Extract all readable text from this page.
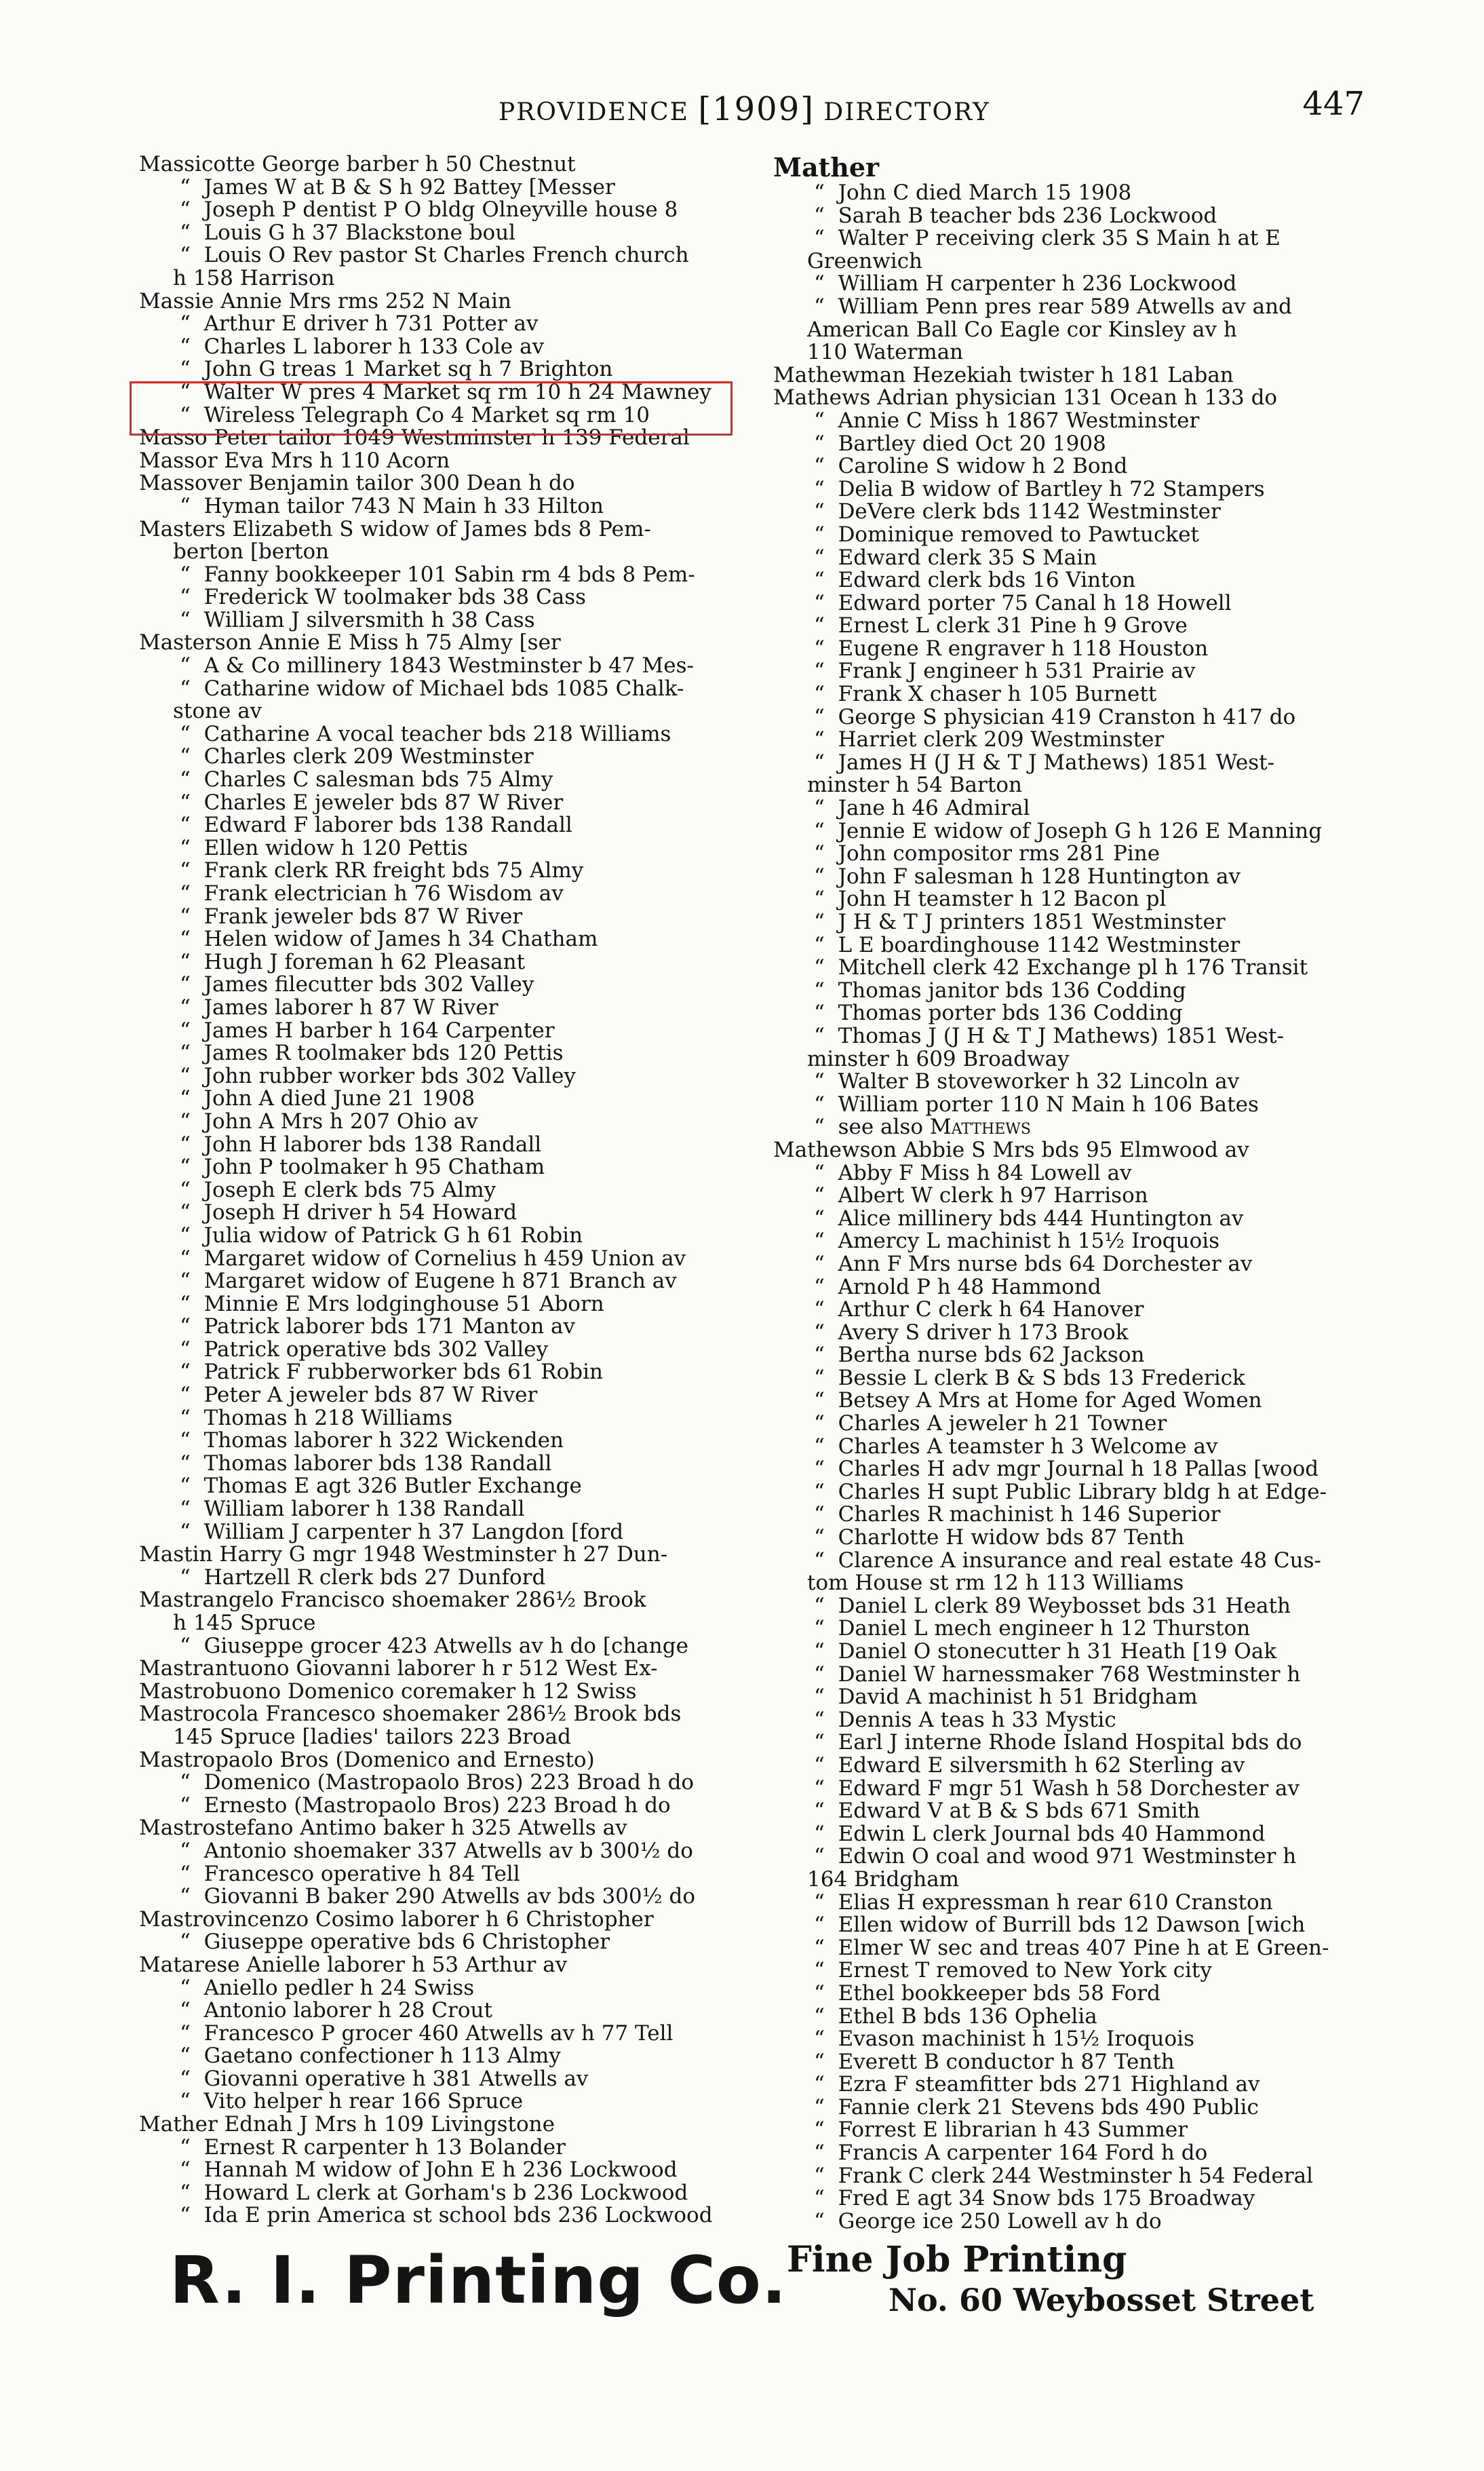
PROVIDENCE [1909] DIRECTORY	447
Massicotte George barber h 50 Chestnut
“  James W at B & S h 92 Battey [Messer
“  Joseph P dentist P O bldg Olneyville house 8
“  Louis G h 37 Blackstone boul
“  Louis O Rev pastor St Charles French church
h 158 Harrison
Massie Annie Mrs rms 252 N Main
“  Arthur E driver h 731 Potter av
“  Charles L laborer h 133 Cole av
“  John G treas 1 Market sq h 7 Brighton
“  Walter W pres 4 Market sq rm 10 h 24 Mawney
“  Wireless Telegraph Co 4 Market sq rm 10
Masso Peter tailor 1049 Westminster h 139 Federal
Massor Eva Mrs h 110 Acorn
Massover Benjamin tailor 300 Dean h do
“  Hyman tailor 743 N Main h 33 Hilton
Masters Elizabeth S widow of James bds 8 Pem-
berton [berton
“  Fanny bookkeeper 101 Sabin rm 4 bds 8 Pem-
“  Frederick W toolmaker bds 38 Cass
“  William J silversmith h 38 Cass
Masterson Annie E Miss h 75 Almy [ser
“  A & Co millinery 1843 Westminster b 47 Mes-
“  Catharine widow of Michael bds 1085 Chalk-
stone av
“  Catharine A vocal teacher bds 218 Williams
“  Charles clerk 209 Westminster
“  Charles C salesman bds 75 Almy
“  Charles E jeweler bds 87 W River
“  Edward F laborer bds 138 Randall
“  Ellen widow h 120 Pettis
“  Frank clerk RR freight bds 75 Almy
“  Frank electrician h 76 Wisdom av
“  Frank jeweler bds 87 W River
“  Helen widow of James h 34 Chatham
“  Hugh J foreman h 62 Pleasant
“  James filecutter bds 302 Valley
“  James laborer h 87 W River
“  James H barber h 164 Carpenter
“  James R toolmaker bds 120 Pettis
“  John rubber worker bds 302 Valley
“  John A died June 21 1908
“  John A Mrs h 207 Ohio av
“  John H laborer bds 138 Randall
“  John P toolmaker h 95 Chatham
“  Joseph E clerk bds 75 Almy
“  Joseph H driver h 54 Howard
“  Julia widow of Patrick G h 61 Robin
“  Margaret widow of Cornelius h 459 Union av
“  Margaret widow of Eugene h 871 Branch av
“  Minnie E Mrs lodginghouse 51 Aborn
“  Patrick laborer bds 171 Manton av
“  Patrick operative bds 302 Valley
“  Patrick F rubberworker bds 61 Robin
“  Peter A jeweler bds 87 W River
“  Thomas h 218 Williams
“  Thomas laborer h 322 Wickenden
“  Thomas laborer bds 138 Randall
“  Thomas E agt 326 Butler Exchange
“  William laborer h 138 Randall
“  William J carpenter h 37 Langdon [ford
Mastin Harry G mgr 1948 Westminster h 27 Dun-
“  Hartzell R clerk bds 27 Dunford
Mastrangelo Francisco shoemaker 286½ Brook
h 145 Spruce
“  Giuseppe grocer 423 Atwells av h do [change
Mastrantuono Giovanni laborer h r 512 West Ex-
Mastrobuono Domenico coremaker h 12 Swiss
Mastrocola Francesco shoemaker 286½ Brook bds
145 Spruce [ladies' tailors 223 Broad
Mastropaolo Bros (Domenico and Ernesto)
“  Domenico (Mastropaolo Bros) 223 Broad h do
“  Ernesto (Mastropaolo Bros) 223 Broad h do
Mastrostefano Antimo baker h 325 Atwells av
“  Antonio shoemaker 337 Atwells av b 300½ do
“  Francesco operative h 84 Tell
“  Giovanni B baker 290 Atwells av bds 300½ do
Mastrovincenzo Cosimo laborer h 6 Christopher
“  Giuseppe operative bds 6 Christopher
Matarese Anielle laborer h 53 Arthur av
“  Aniello pedler h 24 Swiss
“  Antonio laborer h 28 Crout
“  Francesco P grocer 460 Atwells av h 77 Tell
“  Gaetano confectioner h 113 Almy
“  Giovanni operative h 381 Atwells av
“  Vito helper h rear 166 Spruce
Mather Ednah J Mrs h 109 Livingstone
“  Ernest R carpenter h 13 Bolander
“  Hannah M widow of John E h 236 Lockwood
“  Howard L clerk at Gorham's b 236 Lockwood
“  Ida E prin America st school bds 236 Lockwood
Mather
“  John C died March 15 1908
“  Sarah B teacher bds 236 Lockwood
“  Walter P receiving clerk 35 S Main h at E
Greenwich
“  William H carpenter h 236 Lockwood
“  William Penn pres rear 589 Atwells av and
American Ball Co Eagle cor Kinsley av h
110 Waterman
Mathewman Hezekiah twister h 181 Laban
Mathews Adrian physician 131 Ocean h 133 do
“  Annie C Miss h 1867 Westminster
“  Bartley died Oct 20 1908
“  Caroline S widow h 2 Bond
“  Delia B widow of Bartley h 72 Stampers
“  DeVere clerk bds 1142 Westminster
“  Dominique removed to Pawtucket
“  Edward clerk 35 S Main
“  Edward clerk bds 16 Vinton
“  Edward porter 75 Canal h 18 Howell
“  Ernest L clerk 31 Pine h 9 Grove
“  Eugene R engraver h 118 Houston
“  Frank J engineer h 531 Prairie av
“  Frank X chaser h 105 Burnett
“  George S physician 419 Cranston h 417 do
“  Harriet clerk 209 Westminster
“  James H (J H & T J Mathews) 1851 West-
minster h 54 Barton
“  Jane h 46 Admiral
“  Jennie E widow of Joseph G h 126 E Manning
“  John compositor rms 281 Pine
“  John F salesman h 128 Huntington av
“  John H teamster h 12 Bacon pl
“  J H & T J printers 1851 Westminster
“  L E boardinghouse 1142 Westminster
“  Mitchell clerk 42 Exchange pl h 176 Transit
“  Thomas janitor bds 136 Codding
“  Thomas porter bds 136 Codding
“  Thomas J (J H & T J Mathews) 1851 West-
minster h 609 Broadway
“  Walter B stoveworker h 32 Lincoln av
“  William porter 110 N Main h 106 Bates
“  see also Matthews
Mathewson Abbie S Mrs bds 95 Elmwood av
“  Abby F Miss h 84 Lowell av
“  Albert W clerk h 97 Harrison
“  Alice millinery bds 444 Huntington av
“  Amercy L machinist h 15½ Iroquois
“  Ann F Mrs nurse bds 64 Dorchester av
“  Arnold P h 48 Hammond
“  Arthur C clerk h 64 Hanover
“  Avery S driver h 173 Brook
“  Bertha nurse bds 62 Jackson
“  Bessie L clerk B & S bds 13 Frederick
“  Betsey A Mrs at Home for Aged Women
“  Charles A jeweler h 21 Towner
“  Charles A teamster h 3 Welcome av
“  Charles H adv mgr Journal h 18 Pallas [wood
“  Charles H supt Public Library bldg h at Edge-
“  Charles R machinist h 146 Superior
“  Charlotte H widow bds 87 Tenth
“  Clarence A insurance and real estate 48 Cus-
tom House st rm 12 h 113 Williams
“  Daniel L clerk 89 Weybosset bds 31 Heath
“  Daniel L mech engineer h 12 Thurston
“  Daniel O stonecutter h 31 Heath [19 Oak
“  Daniel W harnessmaker 768 Westminster h
“  David A machinist h 51 Bridgham
“  Dennis A teas h 33 Mystic
“  Earl J interne Rhode Island Hospital bds do
“  Edward E silversmith h 62 Sterling av
“  Edward F mgr 51 Wash h 58 Dorchester av
“  Edward V at B & S bds 671 Smith
“  Edwin L clerk Journal bds 40 Hammond
“  Edwin O coal and wood 971 Westminster h
164 Bridgham
“  Elias H expressman h rear 610 Cranston
“  Ellen widow of Burrill bds 12 Dawson [wich
“  Elmer W sec and treas 407 Pine h at E Green-
“  Ernest T removed to New York city
“  Ethel bookkeeper bds 58 Ford
“  Ethel B bds 136 Ophelia
“  Evason machinist h 15½ Iroquois
“  Everett B conductor h 87 Tenth
“  Ezra F steamfitter bds 271 Highland av
“  Fannie clerk 21 Stevens bds 490 Public
“  Forrest E librarian h 43 Summer
“  Francis A carpenter 164 Ford h do
“  Frank C clerk 244 Westminster h 54 Federal
“  Fred E agt 34 Snow bds 175 Broadway
“  George ice 250 Lowell av h do
R. I. Printing Co. Fine Job Printing
No. 60 Weybosset Street
